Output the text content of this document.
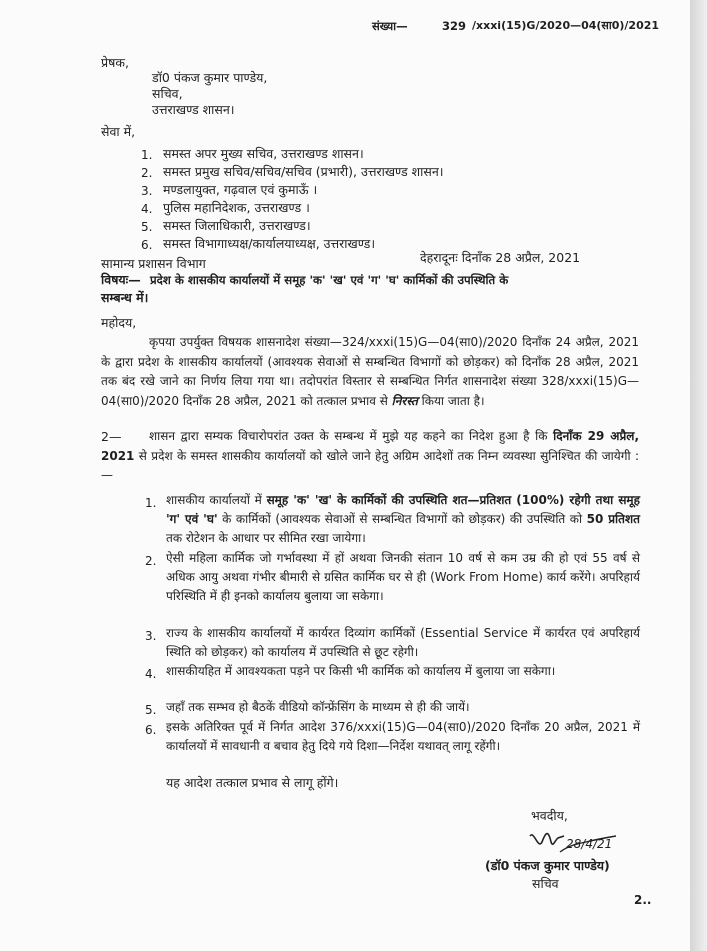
संख्या—	329 /xxxi(15)G/2020—04(सा0)/2021
प्रेषक,
डॉ0 पंकज कुमार पाण्डेय,
सचिव,
उत्तराखण्ड शासन।
सेवा में,
1. समस्त अपर मुख्य सचिव, उत्तराखण्ड शासन।
2. समस्त प्रमुख सचिव/सचिव/सचिव (प्रभारी), उत्तराखण्ड शासन।
3. मण्डलायुक्त, गढ़वाल एवं कुमाऊँ ।
4. पुलिस महानिदेशक, उत्तराखण्ड ।
5. समस्त जिलाधिकारी, उत्तराखण्ड।
6. समस्त विभागाध्यक्ष/कार्यालयाध्यक्ष, उत्तराखण्ड।
सामान्य प्रशासन विभाग	देहरादूनः दिनाँक 28 अप्रैल, 2021
विषयः— प्रदेश के शासकीय कार्यालयों में समूह 'क' 'ख' एवं 'ग' 'घ' कार्मिकों की उपस्थिति के
सम्बन्ध में।
महोदय,
कृपया उपर्युक्त विषयक शासनादेश संख्या—324/xxxi(15)G—04(सा0)/2020 दिनाँक 24 अप्रैल, 2021 के द्वारा प्रदेश के शासकीय कार्यालयों (आवश्यक सेवाओं से सम्बन्धित विभागों को छोड़कर) को दिनाँक 28 अप्रैल, 2021 तक बंद रखे जाने का निर्णय लिया गया था। तदोपरांत विस्तार से सम्बन्धित निर्गत शासनादेश संख्या 328/xxxi(15)G—04(सा0)/2020 दिनाँक 28 अप्रैल, 2021 को तत्काल प्रभाव से निरस्त किया जाता है।
2—	शासन द्वारा सम्यक विचारोपरांत उक्त के सम्बन्ध में मुझे यह कहने का निदेश हुआ है कि दिनाँक 29 अप्रैल, 2021 से प्रदेश के समस्त शासकीय कार्यालयों को खोले जाने हेतु अग्रिम आदेशों तक निम्न व्यवस्था सुनिश्चित की जायेगी :—
1. शासकीय कार्यालयों में समूह 'क' 'ख' के कार्मिकों की उपस्थिति शत—प्रतिशत (100%) रहेगी तथा समूह 'ग' एवं 'घ' के कार्मिकों (आवश्यक सेवाओं से सम्बन्धित विभागों को छोड़कर) की उपस्थिति को 50 प्रतिशत तक रोटेशन के आधार पर सीमित रखा जायेगा।
2. ऐसी महिला कार्मिक जो गर्भावस्था में हों अथवा जिनकी संतान 10 वर्ष से कम उम्र की हो एवं 55 वर्ष से अधिक आयु अथवा गंभीर बीमारी से ग्रसित कार्मिक घर से ही (Work From Home) कार्य करेंगे। अपरिहार्य परिस्थिति में ही इनको कार्यालय बुलाया जा सकेगा।
3. राज्य के शासकीय कार्यालयों में कार्यरत दिव्यांग कार्मिकों (Essential Service में कार्यरत एवं अपरिहार्य स्थिति को छोड़कर) को कार्यालय में उपस्थिति से छूट रहेगी।
4. शासकीयहित में आवश्यकता पड़ने पर किसी भी कार्मिक को कार्यालय में बुलाया जा सकेगा।
5. जहाँ तक सम्भव हो बैठकें वीडियो कॉन्फ्रेंसिंग के माध्यम से ही की जायें।
6. इसके अतिरिक्त पूर्व में निर्गत आदेश 376/xxxi(15)G—04(सा0)/2020 दिनाँक 20 अप्रैल, 2021 में कार्यालयों में सावधानी व बचाव हेतु दिये गये दिशा—निर्देश यथावत् लागू रहेंगी।
यह आदेश तत्काल प्रभाव से लागू होंगे।
भवदीय,
28/4/21
(डॉ0 पंकज कुमार पाण्डेय)
सचिव
2..
